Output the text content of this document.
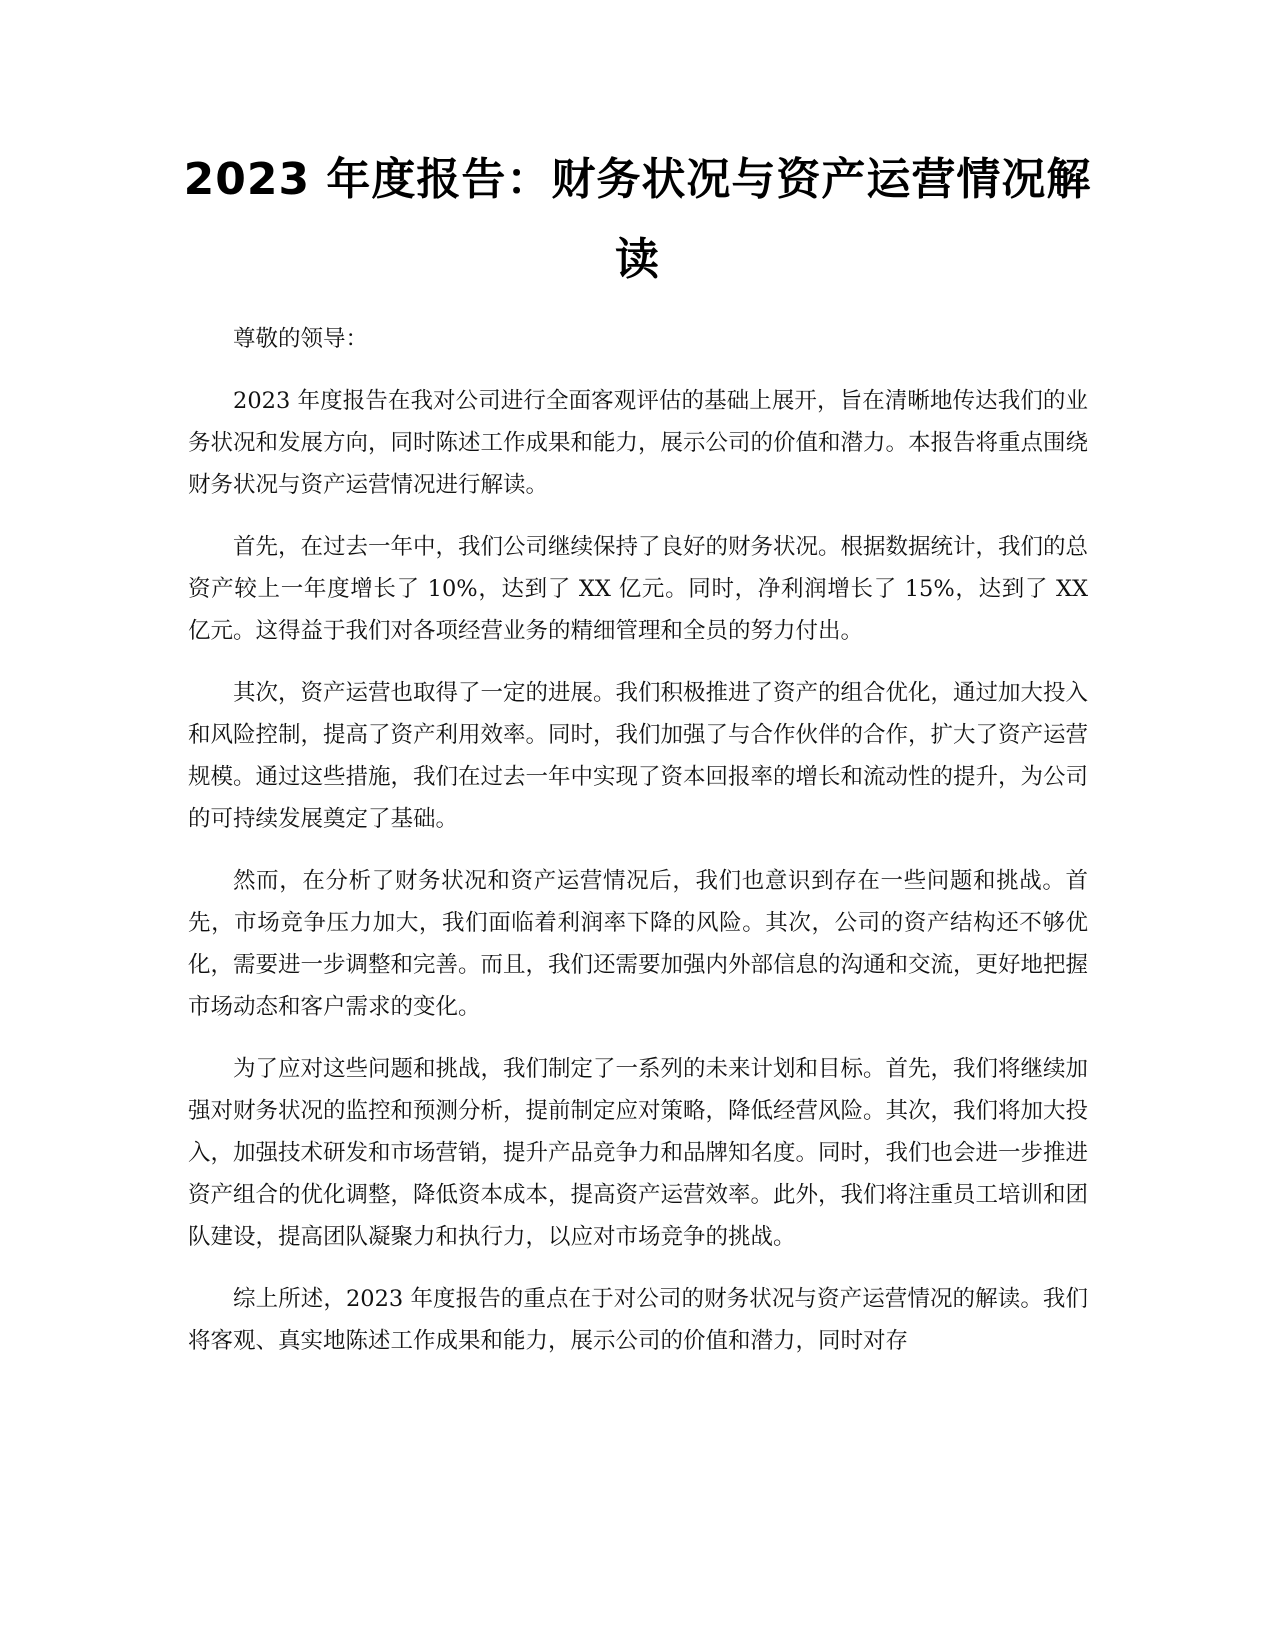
2023 年度报告：财务状况与资产运营情况解读

尊敬的领导：

2023 年度报告在我对公司进行全面客观评估的基础上展开，旨在清晰地传达我们的业务状况和发展方向，同时陈述工作成果和能力，展示公司的价值和潜力。本报告将重点围绕财务状况与资产运营情况进行解读。

首先，在过去一年中，我们公司继续保持了良好的财务状况。根据数据统计，我们的总资产较上一年度增长了 10%，达到了 XX 亿元。同时，净利润增长了 15%，达到了 XX 亿元。这得益于我们对各项经营业务的精细管理和全员的努力付出。

其次，资产运营也取得了一定的进展。我们积极推进了资产的组合优化，通过加大投入和风险控制，提高了资产利用效率。同时，我们加强了与合作伙伴的合作，扩大了资产运营规模。通过这些措施，我们在过去一年中实现了资本回报率的增长和流动性的提升，为公司的可持续发展奠定了基础。

然而，在分析了财务状况和资产运营情况后，我们也意识到存在一些问题和挑战。首先，市场竞争压力加大，我们面临着利润率下降的风险。其次，公司的资产结构还不够优化，需要进一步调整和完善。而且，我们还需要加强内外部信息的沟通和交流，更好地把握市场动态和客户需求的变化。

为了应对这些问题和挑战，我们制定了一系列的未来计划和目标。首先，我们将继续加强对财务状况的监控和预测分析，提前制定应对策略，降低经营风险。其次，我们将加大投入，加强技术研发和市场营销，提升产品竞争力和品牌知名度。同时，我们也会进一步推进资产组合的优化调整，降低资本成本，提高资产运营效率。此外，我们将注重员工培训和团队建设，提高团队凝聚力和执行力，以应对市场竞争的挑战。

综上所述，2023 年度报告的重点在于对公司的财务状况与资产运营情况的解读。我们将客观、真实地陈述工作成果和能力，展示公司的价值和潜力，同时对存
